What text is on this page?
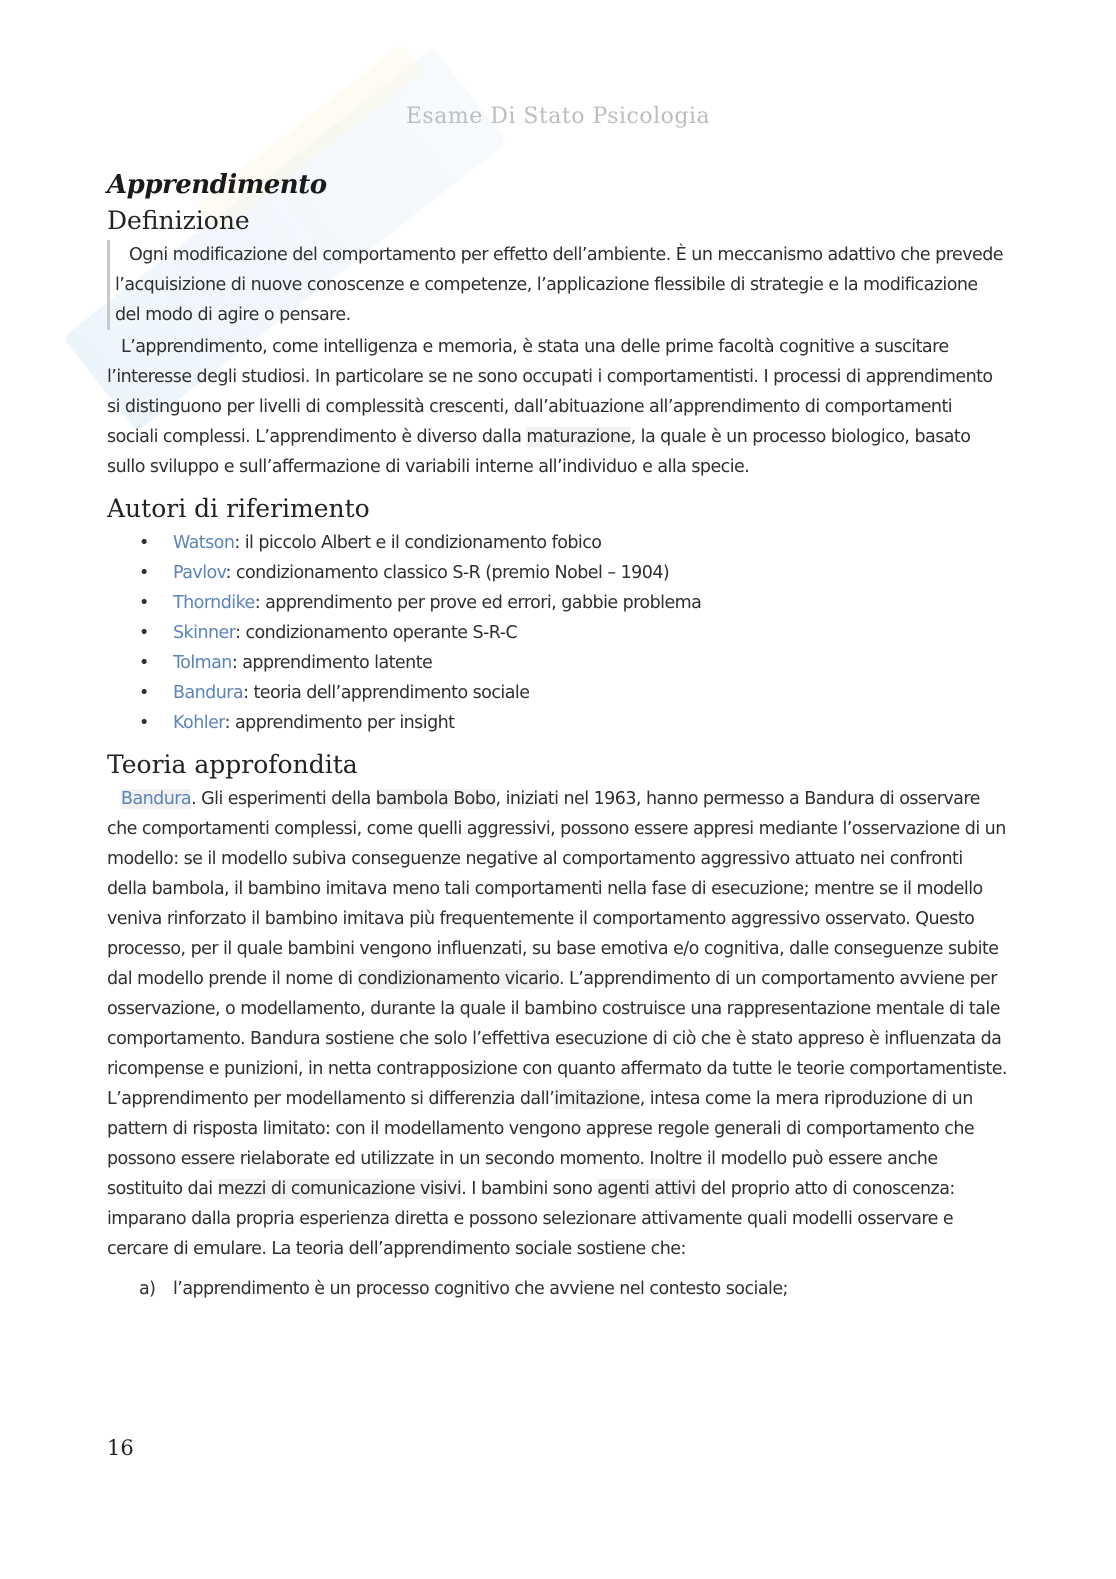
Esame Di Stato Psicologia
Apprendimento
Definizione
Ogni modificazione del comportamento per effetto dell’ambiente. È un meccanismo adattivo che prevede l’acquisizione di nuove conoscenze e competenze, l’applicazione flessibile di strategie e la modificazione del modo di agire o pensare.

L’apprendimento, come intelligenza e memoria, è stata una delle prime facoltà cognitive a suscitare l’interesse degli studiosi. In particolare se ne sono occupati i comportamentisti. I processi di apprendimento si distinguono per livelli di complessità crescenti, dall’abituazione all’apprendimento di comportamenti sociali complessi. L’apprendimento è diverso dalla maturazione, la quale è un processo biologico, basato sullo sviluppo e sull’affermazione di variabili interne all’individuo e alla specie.

Autori di riferimento
• Watson: il piccolo Albert e il condizionamento fobico
• Pavlov: condizionamento classico S-R (premio Nobel – 1904)
• Thorndike: apprendimento per prove ed errori, gabbie problema
• Skinner: condizionamento operante S-R-C
• Tolman: apprendimento latente
• Bandura: teoria dell’apprendimento sociale
• Kohler: apprendimento per insight
Teoria approfondita

Bandura. Gli esperimenti della bambola Bobo, iniziati nel 1963, hanno permesso a Bandura di osservare che comportamenti complessi, come quelli aggressivi, possono essere appresi mediante l’osservazione di un modello: se il modello subiva conseguenze negative al comportamento aggressivo attuato nei confronti della bambola, il bambino imitava meno tali comportamenti nella fase di esecuzione; mentre se il modello veniva rinforzato il bambino imitava più frequentemente il comportamento aggressivo osservato. Questo processo, per il quale bambini vengono influenzati, su base emotiva e/o cognitiva, dalle conseguenze subite dal modello prende il nome di condizionamento vicario. L’apprendimento di un comportamento avviene per osservazione, o modellamento, durante la quale il bambino costruisce una rappresentazione mentale di tale comportamento. Bandura sostiene che solo l’effettiva esecuzione di ciò che è stato appreso è influenzata da ricompense e punizioni, in netta contrapposizione con quanto affermato da tutte le teorie comportamentiste. L’apprendimento per modellamento si differenzia dall’imitazione, intesa come la mera riproduzione di un pattern di risposta limitato: con il modellamento vengono apprese regole generali di comportamento che possono essere rielaborate ed utilizzate in un secondo momento. Inoltre il modello può essere anche sostituito dai mezzi di comunicazione visivi. I bambini sono agenti attivi del proprio atto di conoscenza: imparano dalla propria esperienza diretta e possono selezionare attivamente quali modelli osservare e cercare di emulare. La teoria dell’apprendimento sociale sostiene che:

a) l’apprendimento è un processo cognitivo che avviene nel contesto sociale;
16
